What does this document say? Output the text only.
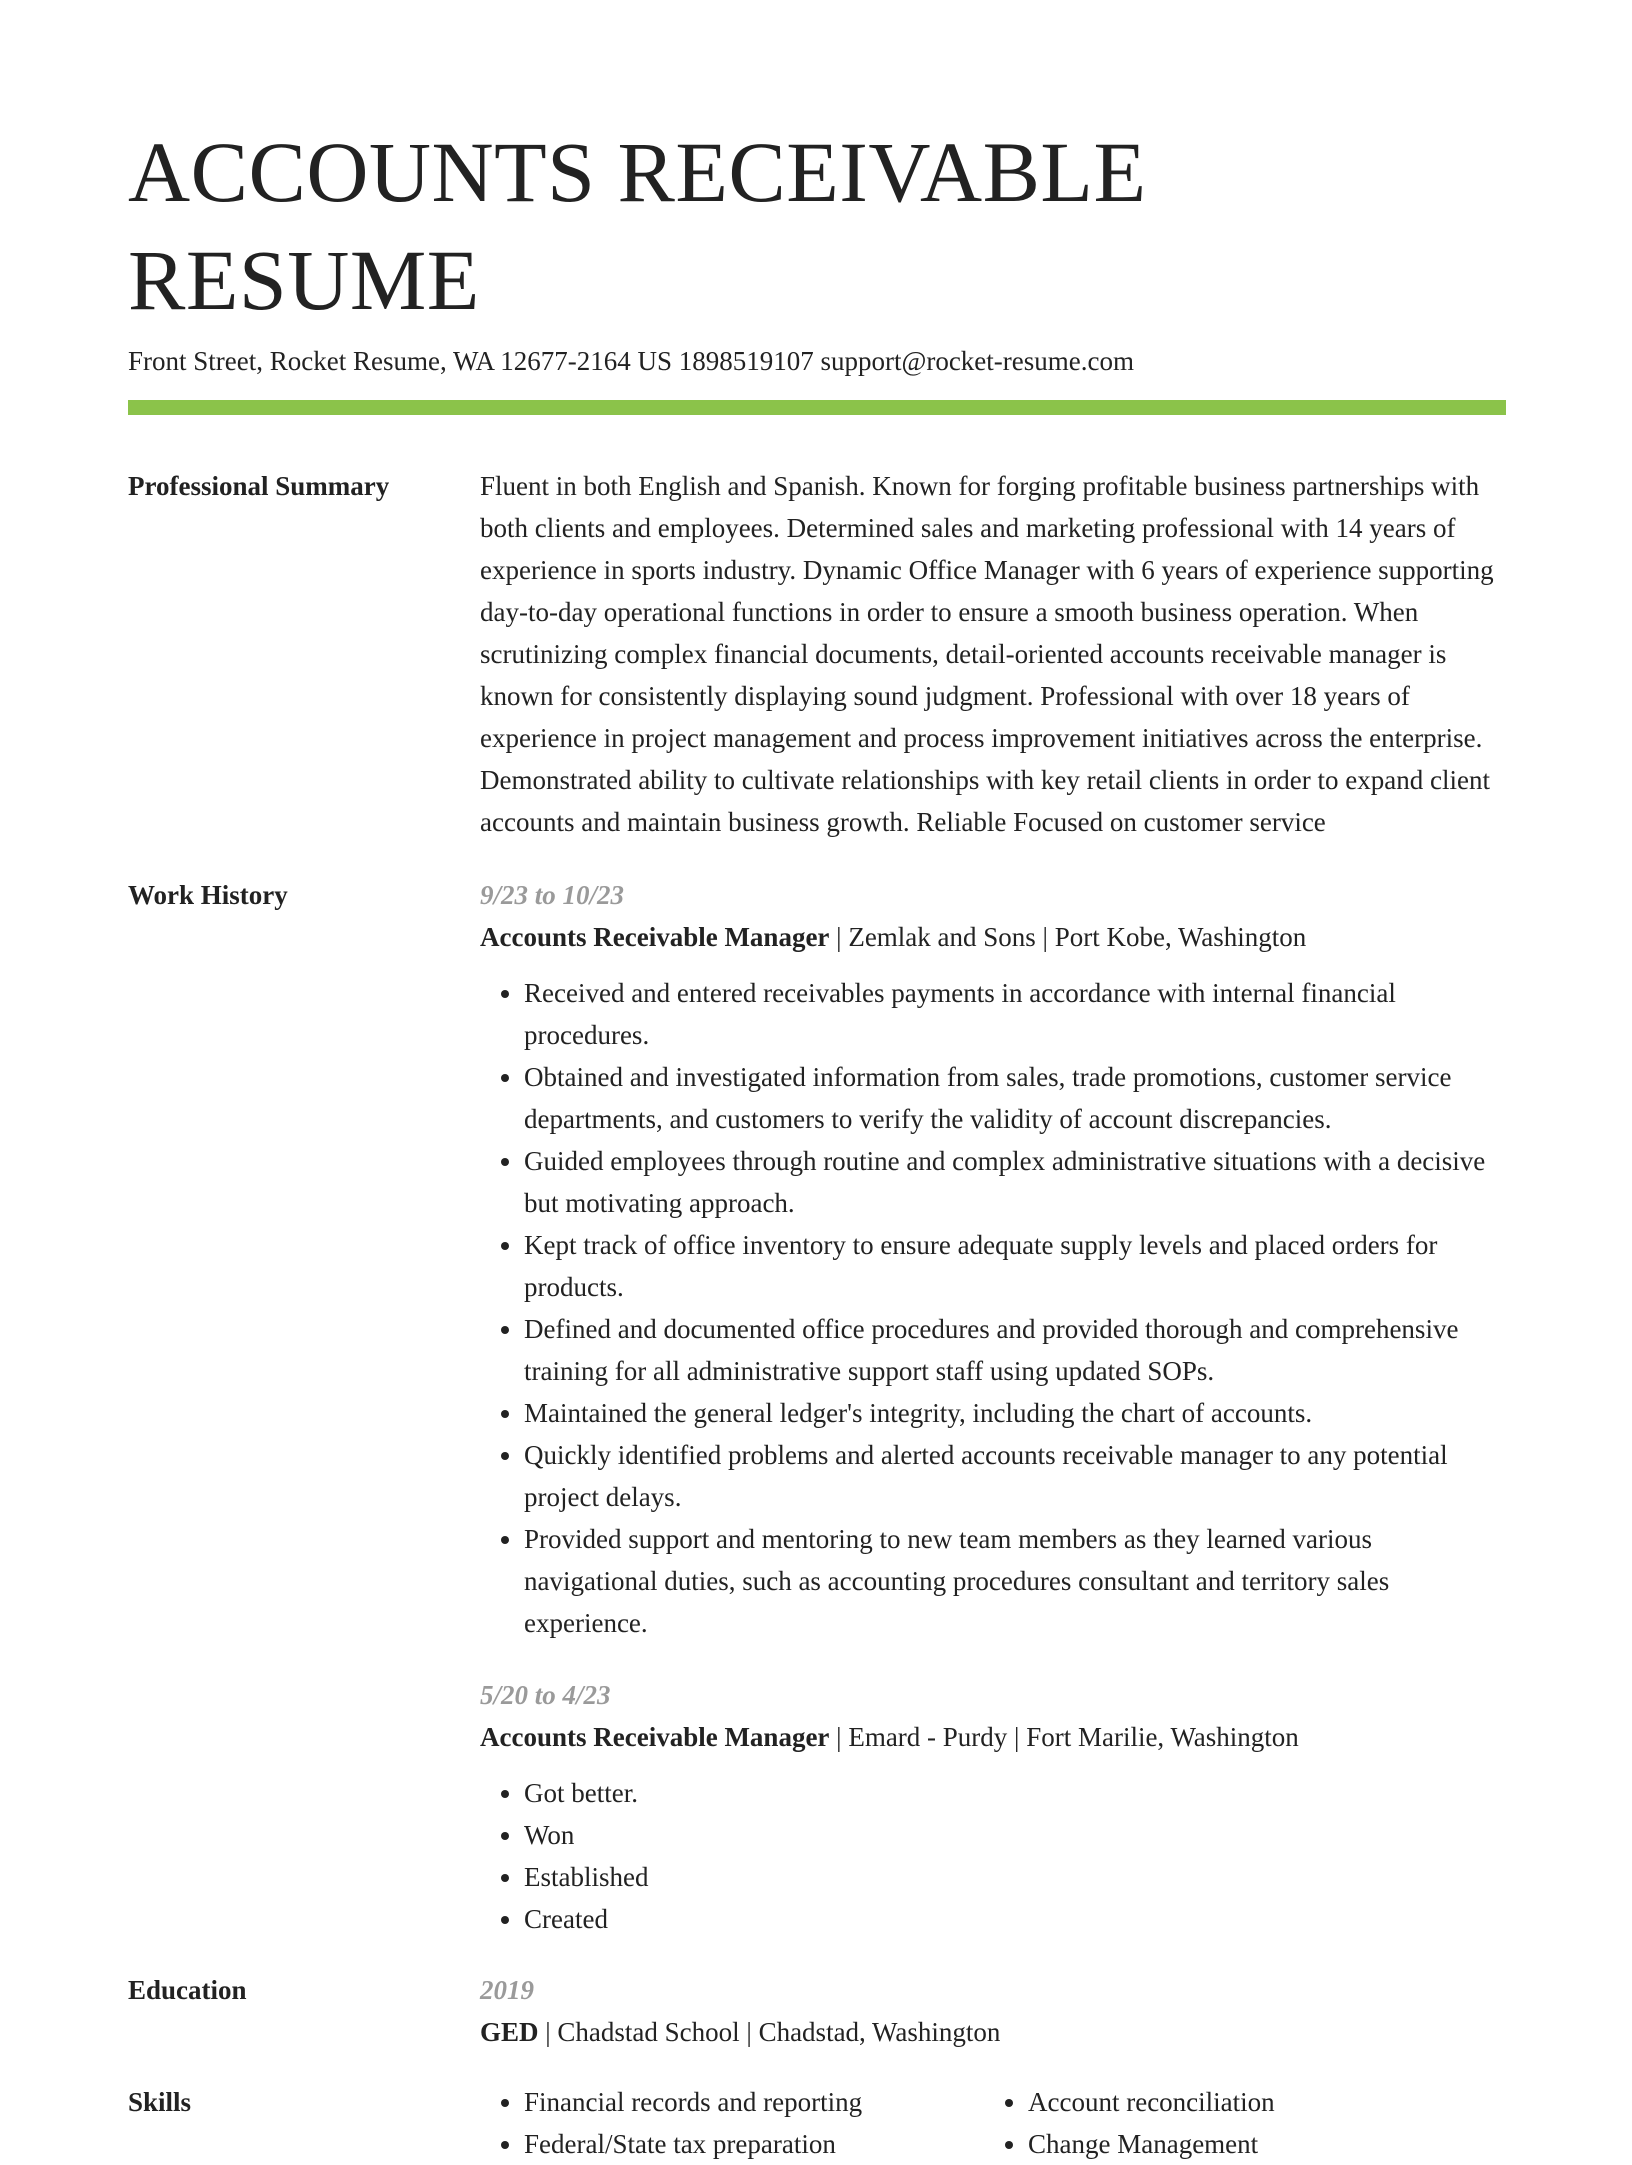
ACCOUNTS RECEIVABLE RESUME
Front Street, Rocket Resume, WA 12677-2164 US 1898519107 support@rocket-resume.com
Professional Summary	Fluent in both English and Spanish. Known for forging profitable business partnerships with both clients and employees. Determined sales and marketing professional with 14 years of experience in sports industry. Dynamic Office Manager with 6 years of experience supporting day-to-day operational functions in order to ensure a smooth business operation. When scrutinizing complex financial documents, detail-oriented accounts receivable manager is known for consistently displaying sound judgment. Professional with over 18 years of experience in project management and process improvement initiatives across the enterprise. Demonstrated ability to cultivate relationships with key retail clients in order to expand client accounts and maintain business growth. Reliable Focused on customer service
Work History	9/23 to 10/23
Accounts Receivable Manager | Zemlak and Sons | Port Kobe, Washington
• Received and entered receivables payments in accordance with internal financial procedures.
• Obtained and investigated information from sales, trade promotions, customer service departments, and customers to verify the validity of account discrepancies.
• Guided employees through routine and complex administrative situations with a decisive but motivating approach.
• Kept track of office inventory to ensure adequate supply levels and placed orders for products.
• Defined and documented office procedures and provided thorough and comprehensive training for all administrative support staff using updated SOPs.
• Maintained the general ledger's integrity, including the chart of accounts.
• Quickly identified problems and alerted accounts receivable manager to any potential project delays.
• Provided support and mentoring to new team members as they learned various navigational duties, such as accounting procedures consultant and territory sales experience.
5/20 to 4/23
Accounts Receivable Manager | Emard - Purdy | Fort Marilie, Washington
• Got better.
• Won
• Established
• Created
Education	2019
GED | Chadstad School | Chadstad, Washington
Skills
•	Financial records and reporting
• Federal/State tax preparation
• Account reconciliation
• Change Management
